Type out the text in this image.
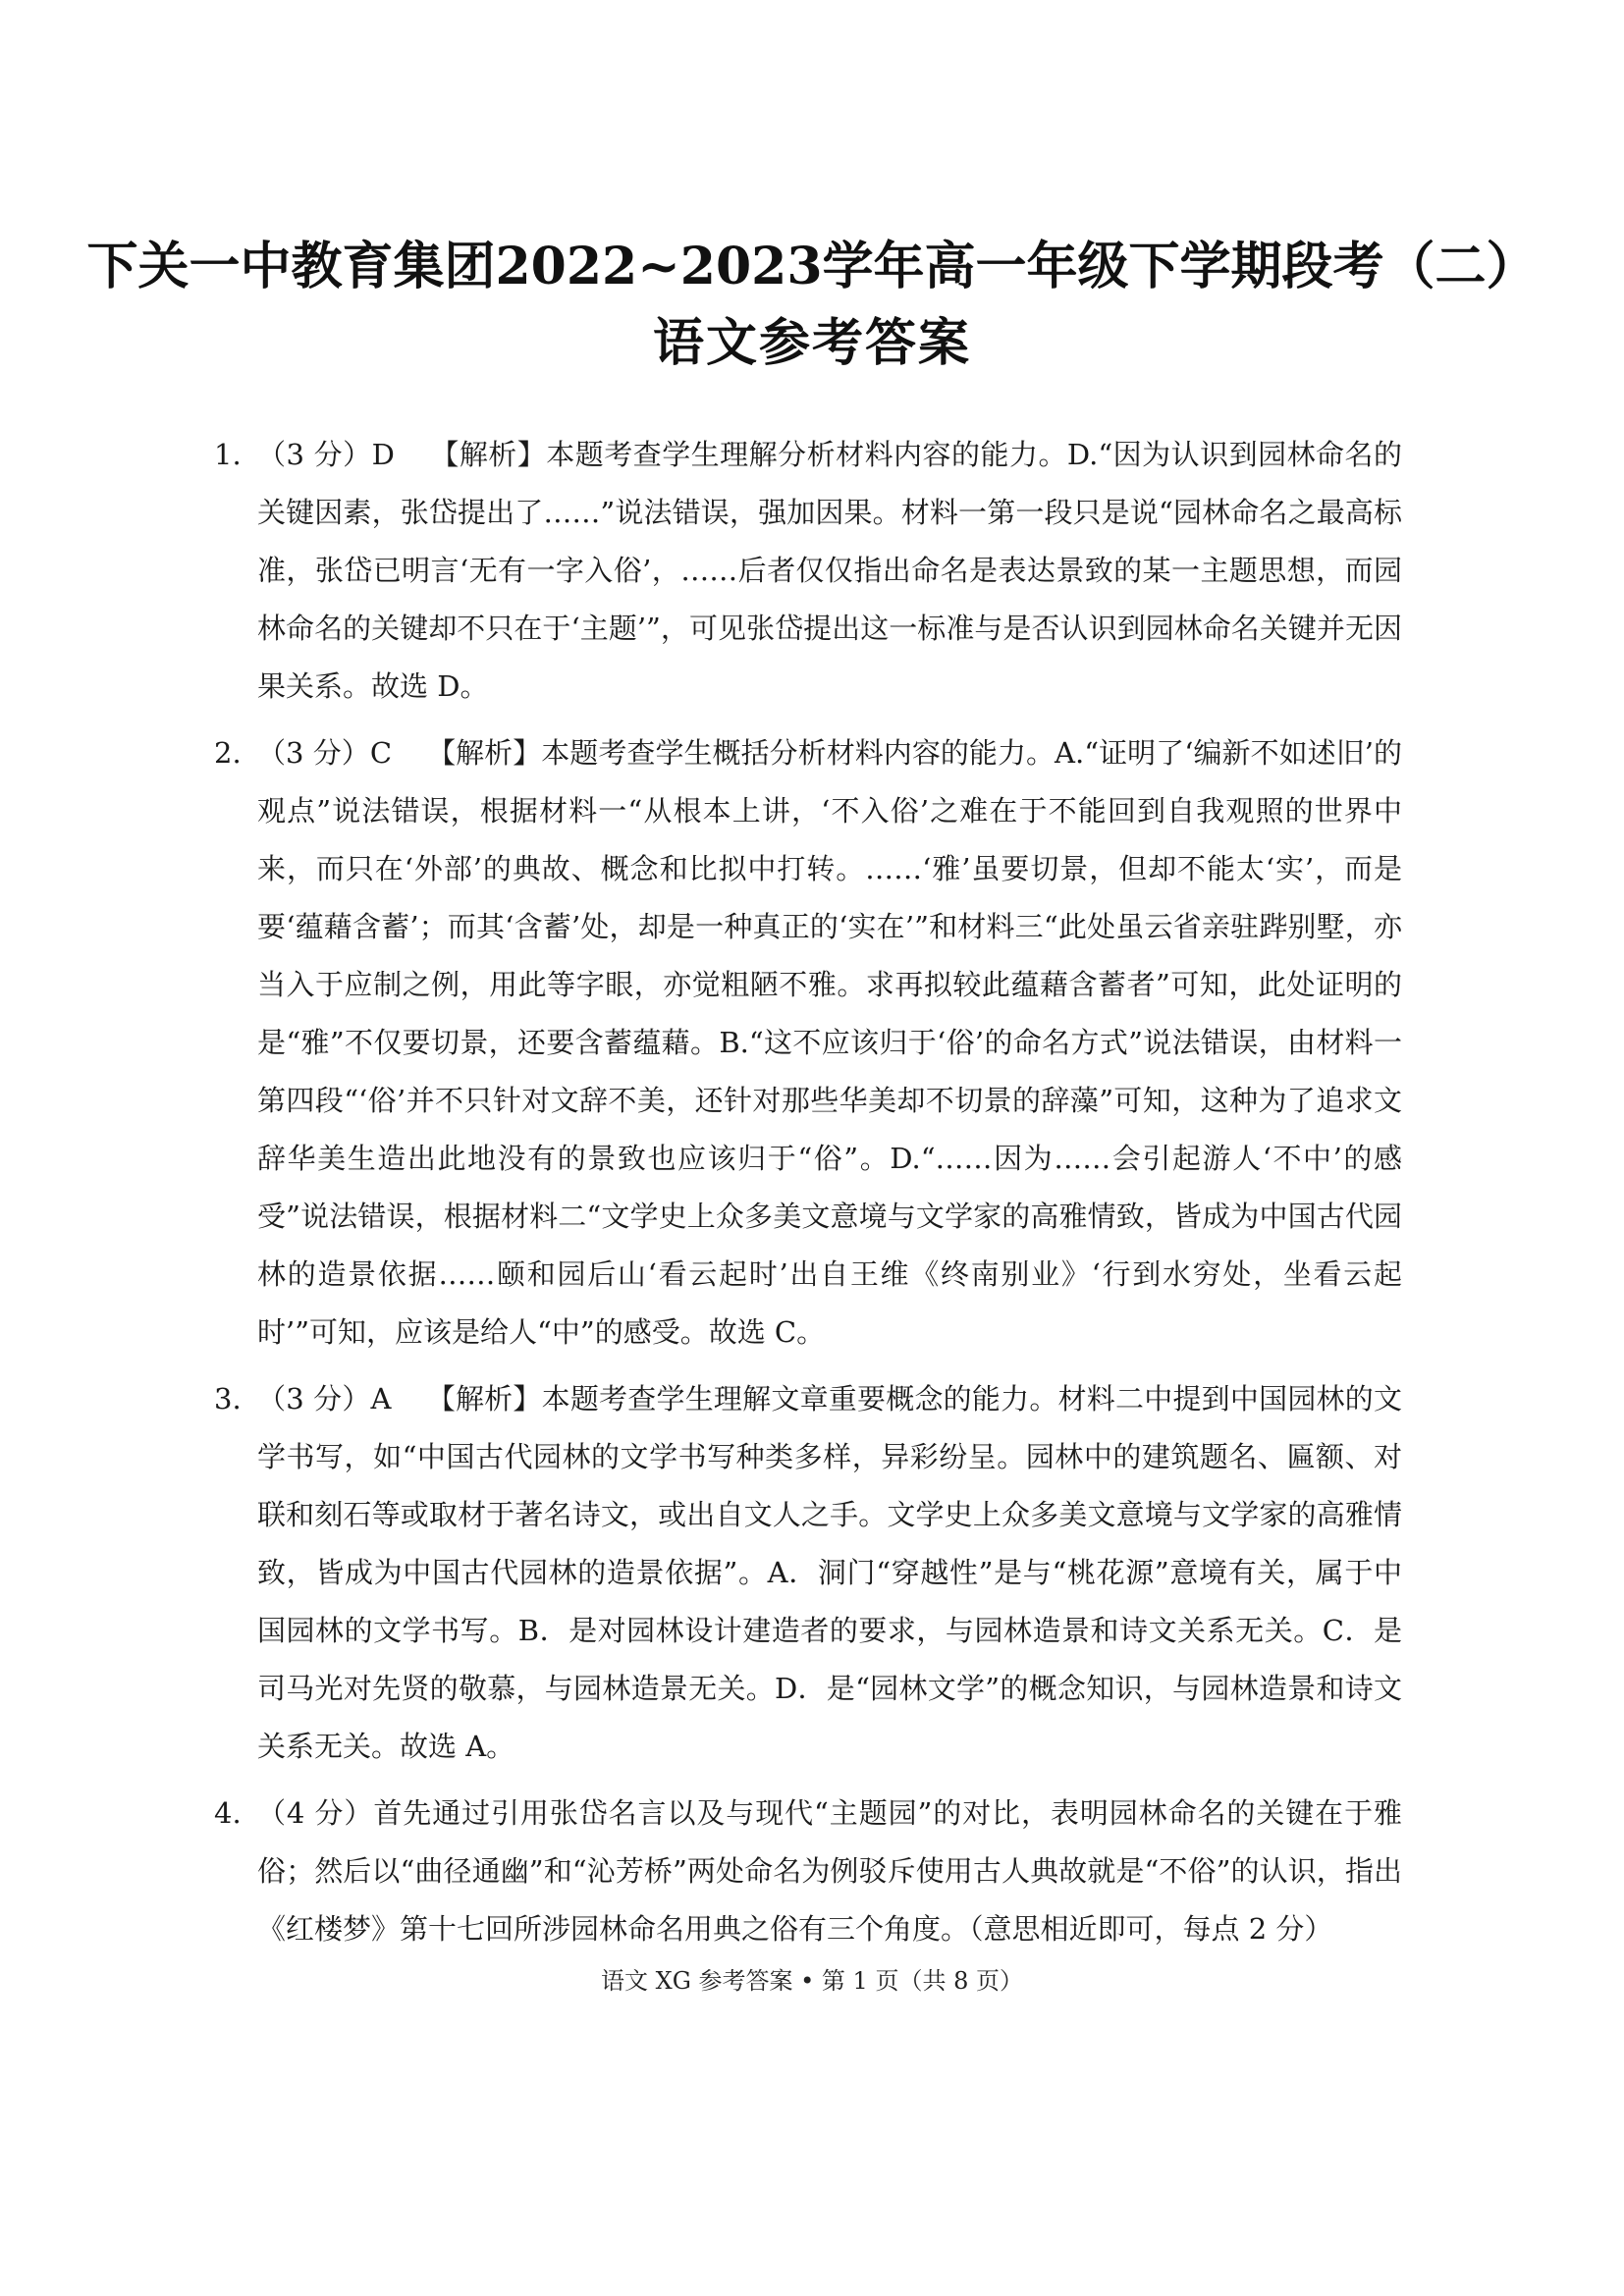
下关一中教育集团2022~2023学年高一年级下学期段考（二）
语文参考答案
1. （3 分）D 【解析】本题考查学生理解分析材料内容的能力。D.“因为认识到园林命名的关键因素，张岱提出了……”说法错误，强加因果。材料一第一段只是说“园林命名之最高标准，张岱已明言‘无有一字入俗’，……后者仅仅指出命名是表达景致的某一主题思想，而园林命名的关键却不只在于‘主题’”，可见张岱提出这一标准与是否认识到园林命名关键并无因果关系。故选 D。
2. （3 分）C 【解析】本题考查学生概括分析材料内容的能力。A.“证明了‘编新不如述旧’的观点”说法错误，根据材料一“从根本上讲，‘不入俗’之难在于不能回到自我观照的世界中来，而只在‘外部’的典故、概念和比拟中打转。……‘雅’虽要切景，但却不能太‘实’，而是要‘蕴藉含蓄’；而其‘含蓄’处，却是一种真正的‘实在’”和材料三“此处虽云省亲驻跸别墅，亦当入于应制之例，用此等字眼，亦觉粗陋不雅。求再拟较此蕴藉含蓄者”可知，此处证明的是“雅”不仅要切景，还要含蓄蕴藉。B.“这不应该归于‘俗’的命名方式”说法错误，由材料一第四段“‘俗’并不只针对文辞不美，还针对那些华美却不切景的辞藻”可知，这种为了追求文辞华美生造出此地没有的景致也应该归于“俗”。D.“……因为……会引起游人‘不中’的感受”说法错误，根据材料二“文学史上众多美文意境与文学家的高雅情致，皆成为中国古代园林的造景依据……颐和园后山‘看云起时’出自王维《终南别业》‘行到水穷处，坐看云起时’”可知，应该是给人“中”的感受。故选 C。
3. （3 分）A 【解析】本题考查学生理解文章重要概念的能力。材料二中提到中国园林的文学书写，如“中国古代园林的文学书写种类多样，异彩纷呈。园林中的建筑题名、匾额、对联和刻石等或取材于著名诗文，或出自文人之手。文学史上众多美文意境与文学家的高雅情致，皆成为中国古代园林的造景依据”。A．洞门“穿越性”是与“桃花源”意境有关，属于中国园林的文学书写。B．是对园林设计建造者的要求，与园林造景和诗文关系无关。C．是司马光对先贤的敬慕，与园林造景无关。D．是“园林文学”的概念知识，与园林造景和诗文关系无关。故选 A。
4. （4 分）首先通过引用张岱名言以及与现代“主题园”的对比，表明园林命名的关键在于雅俗；然后以“曲径通幽”和“沁芳桥”两处命名为例驳斥使用古人典故就是“不俗”的认识，指出《红楼梦》第十七回所涉园林命名用典之俗有三个角度。（意思相近即可，每点 2 分）
语文 XG 参考答案 • 第 1 页（共 8 页）
